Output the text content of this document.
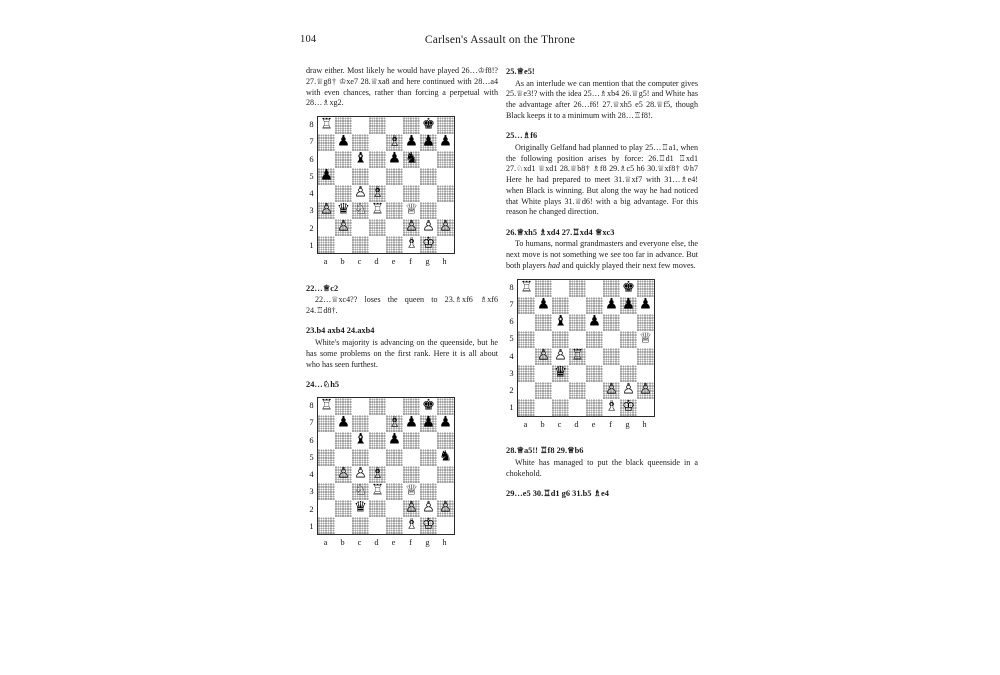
104	Carlsen's Assault on the Throne

draw either. Most likely he would have played 26…♔f8!? 27.♕g8† ♔xe7 28.♕xa8 and here continued with 28…a4 with even chances, rather than forcing a perpetual with 28…♗xg2.

8
7
6
5
4
3
2
1
♖	♚
♟	♗ ♟ ♟ ♟
♝ ♟ ♞
♟
♙ ♗
♙ ♛ ♘ ♖ ♕
♙	♙ ♙ ♙
♗ ♔
a	b	c	d	e	f	g	h

22…♕c2

22…♕xc4?? loses the queen to 23.♗xf6 ♗xf6 24.♖d8†.

23.b4 axb4 24.axb4

White's majority is advancing on the queenside, but he has some problems on the first rank. Here it is all about who has seen furthest.

24…♘h5

8
7
6
5
4
3
2
1
♖	♚
♟	♗ ♟ ♟ ♟
♝ ♟
♞
♙ ♙ ♗
♘ ♖ ♕
♛	♙ ♙ ♙
♗ ♔
a	b	c	d	e	f	g	h

25.♕e5!

As an interlude we can mention that the computer gives 25.♕e3!? with the idea 25…♗xb4 26.♕g5! and White has the advantage after 26…f6! 27.♕xh5 e5 28.♕f5, though Black keeps it to a minimum with 28…♖f8!.

25…♗f6

Originally Gelfand had planned to play 25…♖a1, when the following position arises by force: 26.♖d1 ♖xd1 27.♘xd1 ♕xd1 28.♕b8† ♗f8 29.♗c5 h6 30.♕xf8† ♔h7 Here he had prepared to meet 31.♕xf7 with 31…♗e4! when Black is winning. But along the way he had noticed that White plays 31.♕d6! with a big advantage. For this reason he changed direction.

26.♕xh5 ♗xd4 27.♖xd4 ♕xc3

To humans, normal grandmasters and everyone else, the next move is not something we see too far in advance. But both players had and quickly played their next few moves.

8
7
6
5
4
3
2
1
♖	♚
♟	♟ ♟ ♟
♝ ♟
♕
♙ ♙ ♖
♛
♙ ♙ ♙
♗ ♔
a	b	c	d	e	f	g	h

28.♕a5!! ♖f8 29.♕b6

White has managed to put the black queenside in a chokehold.

29…e5 30.♖d1 g6 31.b5 ♗e4
